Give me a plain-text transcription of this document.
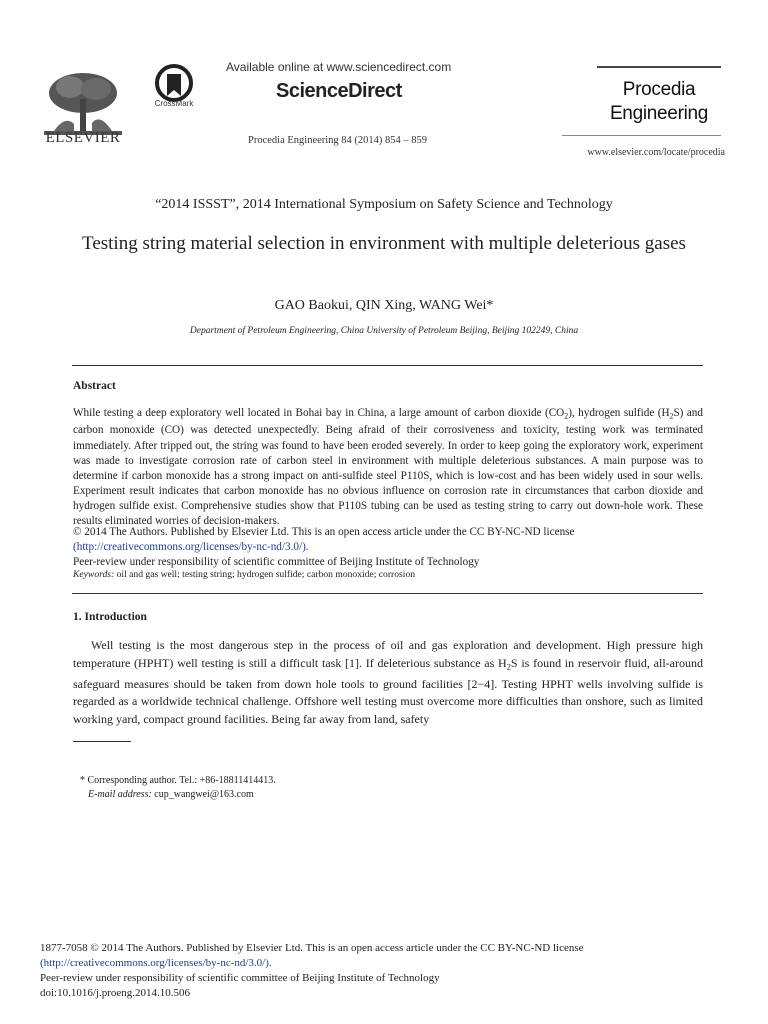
ELSEVIER
CrossMark
Available online at www.sciencedirect.com
ScienceDirect
Procedia Engineering 84 (2014) 854 – 859
Procedia
Engineering
www.elsevier.com/locate/procedia
“2014 ISSST”, 2014 International Symposium on Safety Science and Technology
Testing string material selection in environment with multiple deleterious gases
GAO Baokui, QIN Xing, WANG Wei*
Department of Petroleum Engineering, China University of Petroleum Beijing, Beijing 102249, China
Abstract
While testing a deep exploratory well located in Bohai bay in China, a large amount of carbon dioxide $(CO_2)$, hydrogen sulfide $(H_2S)$ and carbon monoxide (CO) was detected unexpectedly. Being afraid of their corrosiveness and toxicity, testing work was terminated immediately. After tripped out, the string was found to have been eroded severely. In order to keep going the exploratory work, experiment was made to investigate corrosion rate of carbon steel in environment with multiple deleterious substances. A main purpose was to determine if carbon monoxide has a strong impact on anti-sulfide steel P110S, which is low-cost and has been widely used in sour wells. Experiment result indicates that carbon monoxide has no obvious influence on corrosion rate in circumstances that carbon dioxide and hydrogen sulfide exist. Comprehensive studies show that P110S tubing can be used as testing string to carry out down-hole work. These results eliminated worries of decision-makers.
© 2014 The Authors. Published by Elsevier Ltd. This is an open access article under the CC BY-NC-ND license
(http://creativecommons.org/licenses/by-nc-nd/3.0/).
Peer-review under responsibility of scientific committee of Beijing Institute of Technology
Keywords: oil and gas well; testing string; hydrogen sulfide; carbon monoxide; corrosion
1. Introduction
Well testing is the most dangerous step in the process of oil and gas exploration and development. High pressure high temperature (HPHT) well testing is still a difficult task [1]. If deleterious substance as $H_2S$ is found in reservoir fluid, all-around safeguard measures should be taken from down hole tools to ground facilities [2−4]. Testing HPHT wells involving sulfide is regarded as a worldwide technical challenge. Offshore well testing must overcome more difficulties than onshore, such as limited working yard, compact ground facilities. Being far away from land, safety
* Corresponding author. Tel.: +86-18811414413.
E-mail address: cup_wangwei@163.com
1877-7058 © 2014 The Authors. Published by Elsevier Ltd. This is an open access article under the CC BY-NC-ND license
(http://creativecommons.org/licenses/by-nc-nd/3.0/).
Peer-review under responsibility of scientific committee of Beijing Institute of Technology
doi:10.1016/j.proeng.2014.10.506
